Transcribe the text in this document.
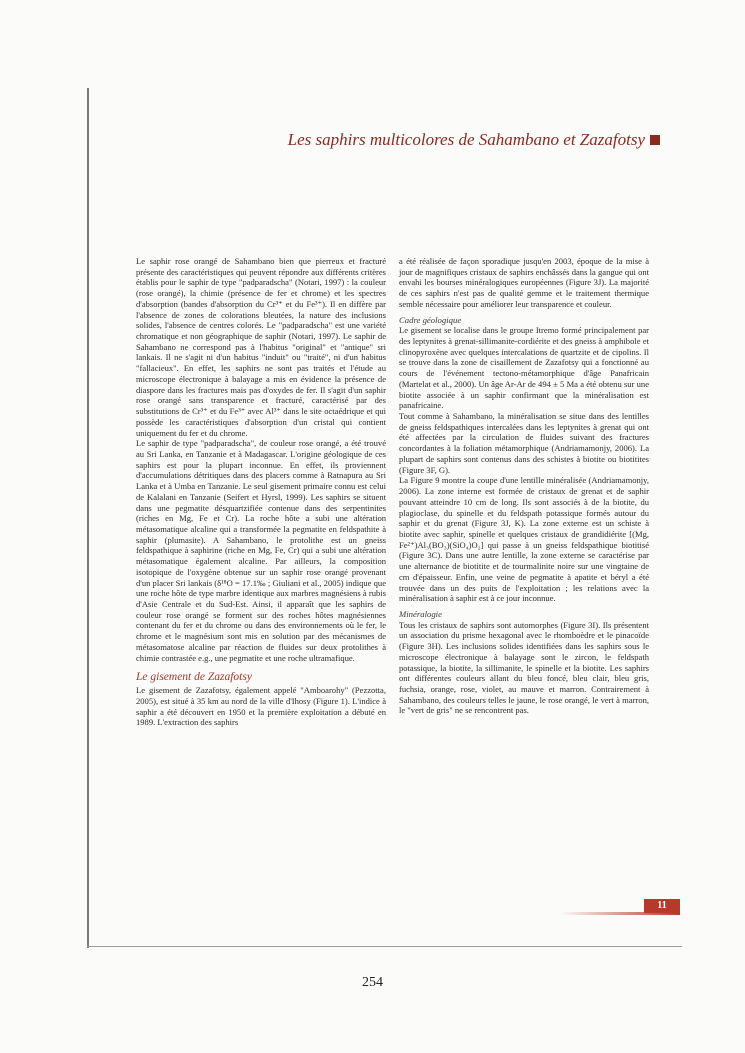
Les saphirs multicolores de Sahambano et Zazafotsy

Le saphir rose orangé de Sahambano bien que pierreux et fracturé présente des caractéristiques qui peuvent répondre aux différents critères établis pour le saphir de type "padparadscha" (Notari, 1997) : la couleur (rose orangé), la chimie (présence de fer et chrome) et les spectres d'absorption (bandes d'absorption du Cr³⁺ et du Fe³⁺). Il en diffère par l'absence de zones de colorations bleutées, la nature des inclusions solides, l'absence de centres colorés. Le "padparadscha" est une variété chromatique et non géographique de saphir (Notari, 1997). Le saphir de Sahambano ne correspond pas à l'habitus "original" et "antique" sri lankais. Il ne s'agit ni d'un habitus "induit" ou "traité", ni d'un habitus "fallacieux". En effet, les saphirs ne sont pas traités et l'étude au microscope électronique à balayage a mis en évidence la présence de diaspore dans les fractures mais pas d'oxydes de fer. Il s'agit d'un saphir rose orangé sans transparence et fracturé, caractérisé par des substitutions de Cr³⁺ et du Fe³⁺ avec Al³⁺ dans le site octaédrique et qui possède les caractéristiques d'absorption d'un cristal qui contient uniquement du fer et du chrome.

Le saphir de type "padparadscha", de couleur rose orangé, a été trouvé au Sri Lanka, en Tanzanie et à Madagascar. L'origine géologique de ces saphirs est pour la plupart inconnue. En effet, ils proviennent d'accumulations détritiques dans des placers comme à Ratnapura au Sri Lanka et à Umba en Tanzanie. Le seul gisement primaire connu est celui de Kalalani en Tanzanie (Seifert et Hyrsl, 1999). Les saphirs se situent dans une pegmatite désquartzifiée contenue dans des serpentinites (riches en Mg, Fe et Cr). La roche hôte a subi une altération métasomatique alcaline qui a transformée la pegmatite en feldspathite à saphir (plumasite). A Sahambano, le protolithe est un gneiss feldspathique à saphirine (riche en Mg, Fe, Cr) qui a subi une altération métasomatique également alcaline. Par ailleurs, la composition isotopique de l'oxygène obtenue sur un saphir rose orangé provenant d'un placer Sri lankais (δ¹⁸O = 17.1‰ ; Giuliani et al., 2005) indique que une roche hôte de type marbre identique aux marbres magnésiens à rubis d'Asie Centrale et du Sud-Est. Ainsi, il apparaît que les saphirs de couleur rose orangé se forment sur des roches hôtes magnésiennes contenant du fer et du chrome ou dans des environnements où le fer, le chrome et le magnésium sont mis en solution par des mécanismes de métasomatose alcaline par réaction de fluides sur deux protolithes à chimie contrastée e.g., une pegmatite et une roche ultramafique.

Le gisement de Zazafotsy

Le gisement de Zazafotsy, également appelé "Amboarohy" (Pezzotta, 2005), est situé à 35 km au nord de la ville d'Ihosy (Figure 1). L'indice à saphir a été découvert en 1950 et la première exploitation a débuté en 1989. L'extraction des saphirs

a été réalisée de façon sporadique jusqu'en 2003, époque de la mise à jour de magnifiques cristaux de saphirs enchâssés dans la gangue qui ont envahi les bourses minéralogiques européennes (Figure 3J). La majorité de ces saphirs n'est pas de qualité gemme et le traitement thermique semble nécessaire pour améliorer leur transparence et couleur.

Cadre géologique

Le gisement se localise dans le groupe Itremo formé principalement par des leptynites à grenat-sillimanite-cordiérite et des gneiss à amphibole et clinopyroxène avec quelques intercalations de quartzite et de cipolins. Il se trouve dans la zone de cisaillement de Zazafotsy qui a fonctionné au cours de l'événement tectono-métamorphique d'âge Panafricain (Martelat et al., 2000). Un âge Ar-Ar de 494 ± 5 Ma a été obtenu sur une biotite associée à un saphir confirmant que la minéralisation est panafricaine.

Tout comme à Sahambano, la minéralisation se situe dans des lentilles de gneiss feldspathiques intercalées dans les leptynites à grenat qui ont été affectées par la circulation de fluides suivant des fractures concordantes à la foliation métamorphique (Andriamamonjy, 2006). La plupart de saphirs sont contenus dans des schistes à biotite ou biotitites (Figure 3F, G).

La Figure 9 montre la coupe d'une lentille minéralisée (Andriamamonjy, 2006). La zone interne est formée de cristaux de grenat et de saphir pouvant atteindre 10 cm de long. Ils sont associés à de la biotite, du plagioclase, du spinelle et du feldspath potassique formés autour du saphir et du grenat (Figure 3J, K). La zone externe est un schiste à biotite avec saphir, spinelle et quelques cristaux de grandidiérite [(Mg, Fe²⁺)Al₃(BO₃)(SiO₄)O₂] qui passe à un gneiss feldspathique biotitisé (Figure 3C). Dans une autre lentille, la zone externe se caractérise par une alternance de biotitite et de tourmalinite noire sur une vingtaine de cm d'épaisseur. Enfin, une veine de pegmatite à apatite et béryl a été trouvée dans un des puits de l'exploitation ; les relations avec la minéralisation à saphir est à ce jour inconnue.

Minéralogie

Tous les cristaux de saphirs sont automorphes (Figure 3I). Ils présentent un association du prisme hexagonal avec le rhomboèdre et le pinacoïde (Figure 3H). Les inclusions solides identifiées dans les saphirs sous le microscope électronique à balayage sont le zircon, le feldspath potassique, la biotite, la sillimanite, le spinelle et la biotite. Les saphirs ont différentes couleurs allant du bleu foncé, bleu clair, bleu gris, fuchsia, orange, rose, violet, au mauve et marron. Contrairement à Sahambano, des couleurs telles le jaune, le rose orangé, le vert à marron, le "vert de gris" ne se rencontrent pas.

11
254
